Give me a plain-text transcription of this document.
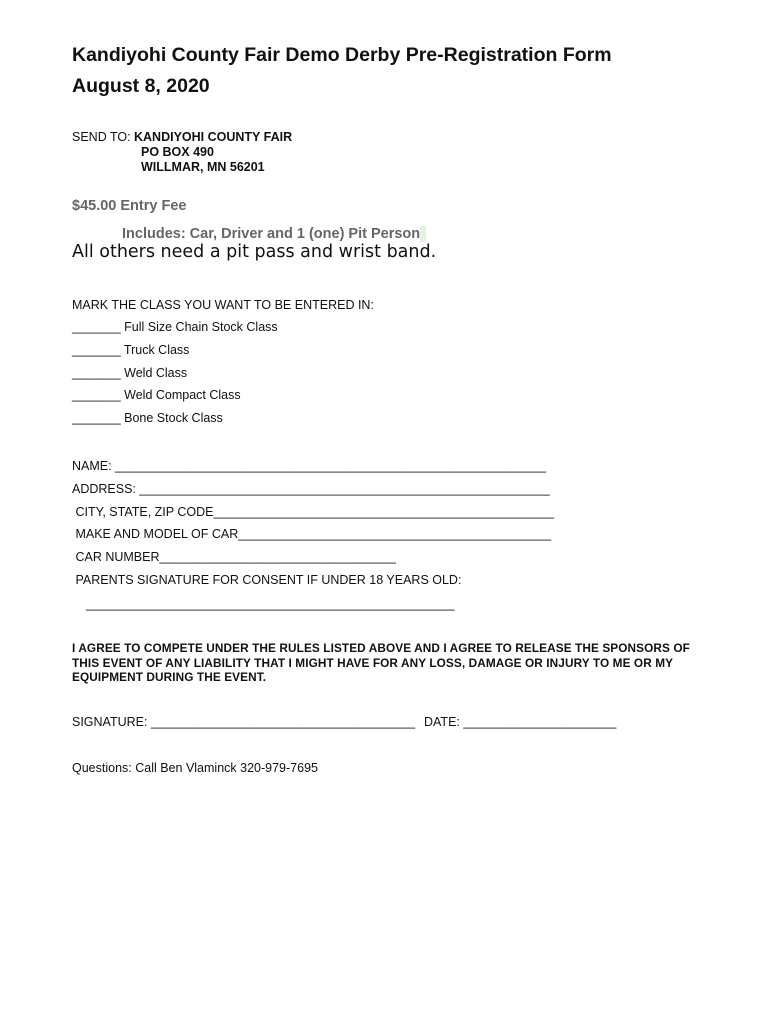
Kandiyohi County Fair Demo Derby Pre-Registration Form
August 8, 2020
SEND TO: KANDIYOHI COUNTY FAIR
PO BOX 490
WILLMAR, MN 56201
$45.00 Entry Fee
Includes: Car, Driver and 1 (one) Pit Person
All others need a pit pass and wrist band.
MARK THE CLASS YOU WANT TO BE ENTERED IN:
_______ Full Size Chain Stock Class
_______ Truck Class
_______ Weld Class
_______ Weld Compact Class
_______ Bone Stock Class
NAME: ______________________________________________________________
ADDRESS: ___________________________________________________________
CITY, STATE, ZIP CODE_________________________________________________
MAKE AND MODEL OF CAR_____________________________________________
CAR NUMBER__________________________________
PARENTS SIGNATURE FOR CONSENT IF UNDER 18 YEARS OLD:
_____________________________________________________
I AGREE TO COMPETE UNDER THE RULES LISTED ABOVE AND I AGREE TO RELEASE THE SPONSORS OF THIS EVENT OF ANY LIABILITY THAT I MIGHT HAVE FOR ANY LOSS, DAMAGE OR INJURY TO ME OR MY EQUIPMENT DURING THE EVENT.
SIGNATURE: ______________________________________ DATE: ______________________
Questions: Call Ben Vlaminck 320-979-7695
